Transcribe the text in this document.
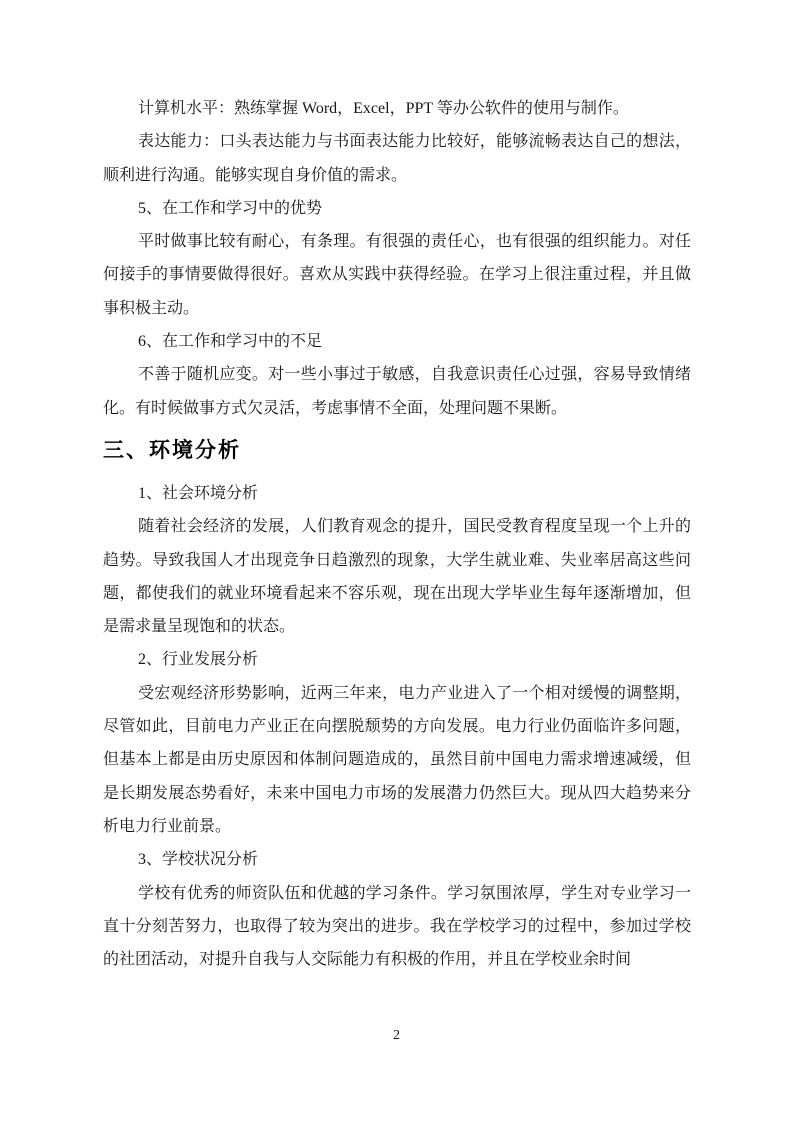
计算机水平：熟练掌握 Word，Excel，PPT 等办公软件的使用与制作。

表达能力：口头表达能力与书面表达能力比较好，能够流畅表达自己的想法，顺利进行沟通。能够实现自身价值的需求。

5、在工作和学习中的优势

平时做事比较有耐心，有条理。有很强的责任心，也有很强的组织能力。对任何接手的事情要做得很好。喜欢从实践中获得经验。在学习上很注重过程，并且做事积极主动。

6、在工作和学习中的不足

不善于随机应变。对一些小事过于敏感，自我意识责任心过强，容易导致情绪化。有时候做事方式欠灵活，考虑事情不全面，处理问题不果断。

三、环境分析

1、社会环境分析

随着社会经济的发展，人们教育观念的提升，国民受教育程度呈现一个上升的趋势。导致我国人才出现竞争日趋激烈的现象，大学生就业难、失业率居高这些问题，都使我们的就业环境看起来不容乐观，现在出现大学毕业生每年逐渐增加，但是需求量呈现饱和的状态。

2、行业发展分析

受宏观经济形势影响，近两三年来，电力产业进入了一个相对缓慢的调整期，尽管如此，目前电力产业正在向摆脱颓势的方向发展。电力行业仍面临许多问题，但基本上都是由历史原因和体制问题造成的，虽然目前中国电力需求增速减缓，但是长期发展态势看好，未来中国电力市场的发展潜力仍然巨大。现从四大趋势来分析电力行业前景。

3、学校状况分析

学校有优秀的师资队伍和优越的学习条件。学习氛围浓厚，学生对专业学习一直十分刻苦努力，也取得了较为突出的进步。我在学校学习的过程中，参加过学校的社团活动，对提升自我与人交际能力有积极的作用，并且在学校业余时间

2
